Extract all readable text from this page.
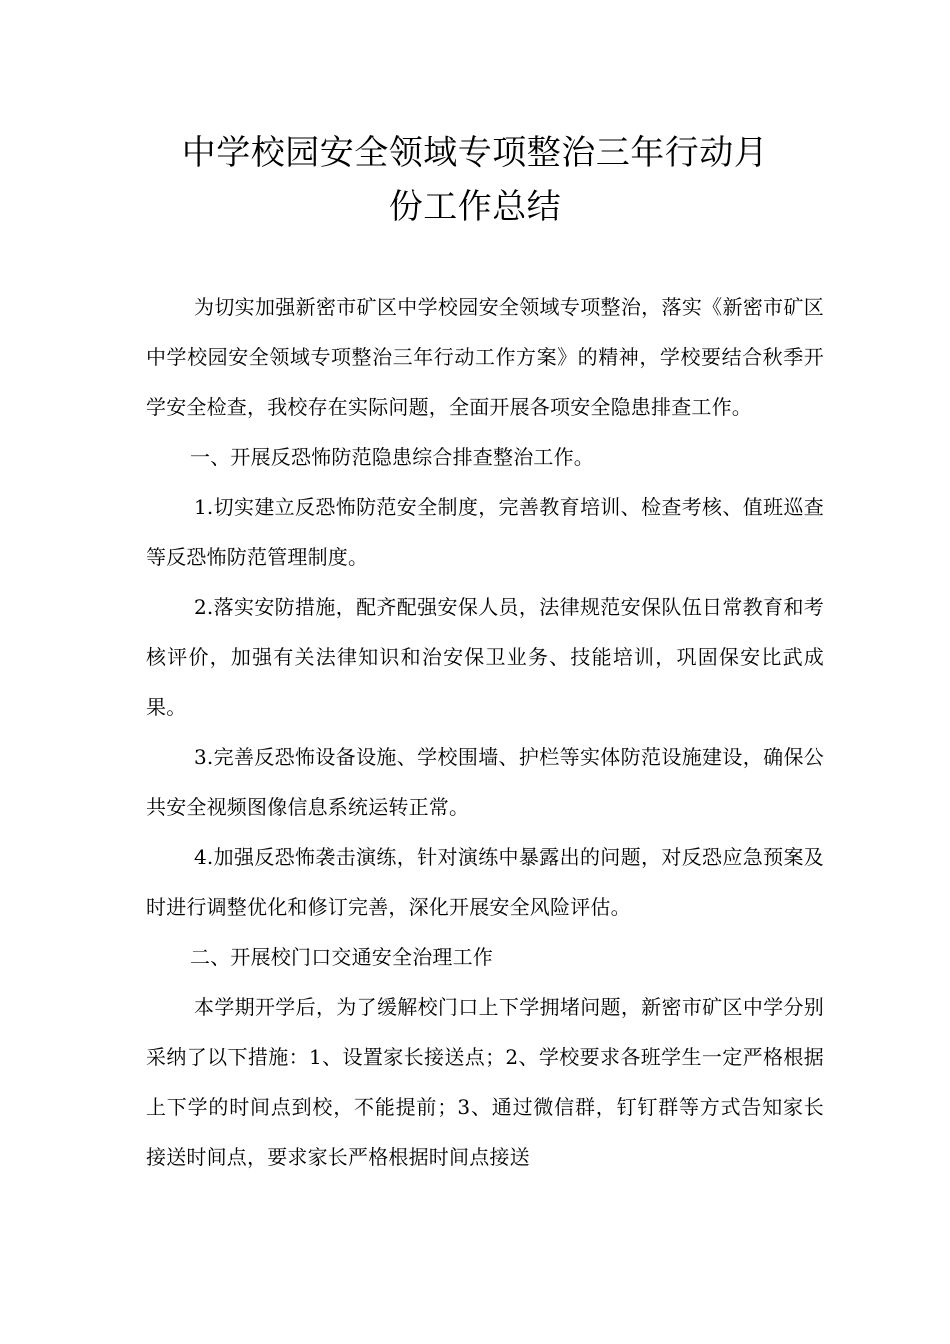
中学校园安全领域专项整治三年行动月
份工作总结

为切实加强新密市矿区中学校园安全领域专项整治，落实《新密市矿区中学校园安全领域专项整治三年行动工作方案》的精神，学校要结合秋季开学安全检查，我校存在实际问题，全面开展各项安全隐患排查工作。

一、开展反恐怖防范隐患综合排查整治工作。

1.切实建立反恐怖防范安全制度，完善教育培训、检查考核、值班巡查等反恐怖防范管理制度。

2.落实安防措施，配齐配强安保人员，法律规范安保队伍日常教育和考核评价，加强有关法律知识和治安保卫业务、技能培训，巩固保安比武成果。

3.完善反恐怖设备设施、学校围墙、护栏等实体防范设施建设，确保公共安全视频图像信息系统运转正常。

4.加强反恐怖袭击演练，针对演练中暴露出的问题，对反恐应急预案及时进行调整优化和修订完善，深化开展安全风险评估。

二、开展校门口交通安全治理工作

本学期开学后，为了缓解校门口上下学拥堵问题，新密市矿区中学分别采纳了以下措施：1、设置家长接送点；2、学校要求各班学生一定严格根据上下学的时间点到校，不能提前；3、通过微信群，钉钉群等方式告知家长接送时间点，要求家长严格根据时间点接送
